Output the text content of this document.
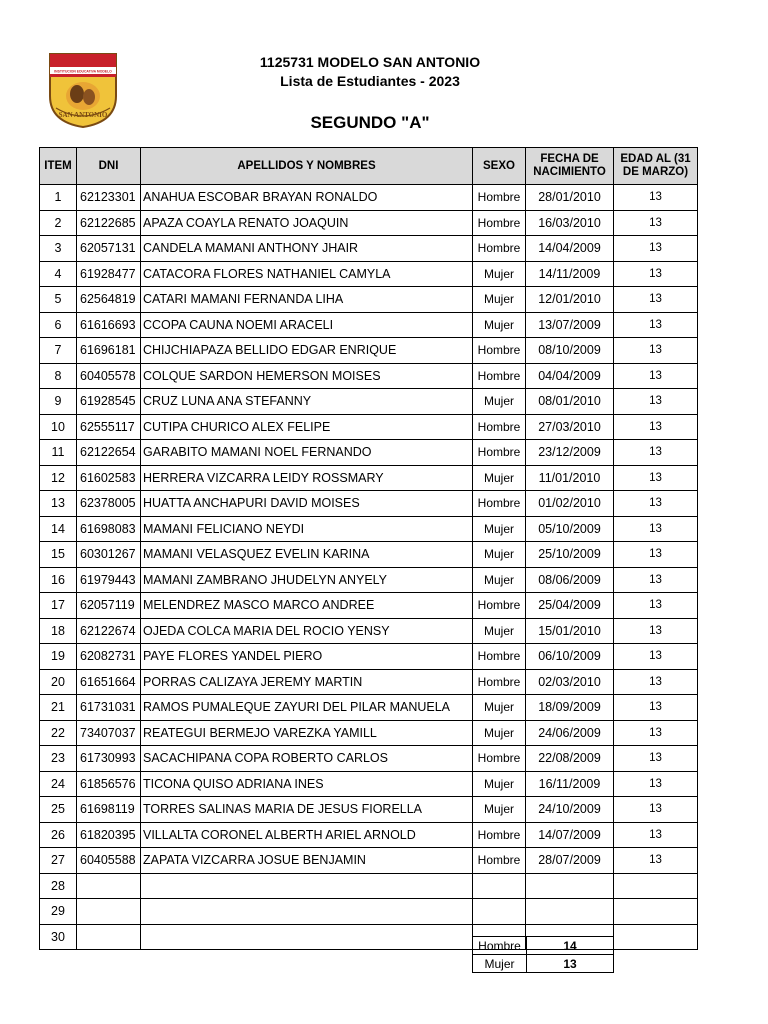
INSTITUCION EDUCATIVA MODELO
SAN ANTONIO
1125731 MODELO SAN ANTONIO
Lista de Estudiantes - 2023
SEGUNDO "A"
ITEM	DNI	APELLIDOS Y NOMBRES	SEXO	FECHA DE
NACIMIENTO	EDAD AL (31
DE MARZO)
1	62123301	ANAHUA ESCOBAR BRAYAN RONALDO	Hombre	28/01/2010	13
2	62122685	APAZA COAYLA RENATO JOAQUIN	Hombre	16/03/2010	13
3	62057131	CANDELA MAMANI ANTHONY JHAIR	Hombre	14/04/2009	13
4	61928477	CATACORA FLORES NATHANIEL CAMYLA	Mujer	14/11/2009	13
5	62564819	CATARI MAMANI FERNANDA LIHA	Mujer	12/01/2010	13
6	61616693	CCOPA CAUNA NOEMI ARACELI	Mujer	13/07/2009	13
7	61696181	CHIJCHIAPAZA BELLIDO EDGAR ENRIQUE	Hombre	08/10/2009	13
8	60405578	COLQUE SARDON HEMERSON MOISES	Hombre	04/04/2009	13
9	61928545	CRUZ LUNA ANA STEFANNY	Mujer	08/01/2010	13
10	62555117	CUTIPA CHURICO ALEX FELIPE	Hombre	27/03/2010	13
11	62122654	GARABITO MAMANI NOEL FERNANDO	Hombre	23/12/2009	13
12	61602583	HERRERA VIZCARRA LEIDY ROSSMARY	Mujer	11/01/2010	13
13	62378005	HUATTA ANCHAPURI DAVID MOISES	Hombre	01/02/2010	13
14	61698083	MAMANI FELICIANO NEYDI	Mujer	05/10/2009	13
15	60301267	MAMANI VELASQUEZ EVELIN KARINA	Mujer	25/10/2009	13
16	61979443	MAMANI ZAMBRANO JHUDELYN ANYELY	Mujer	08/06/2009	13
17	62057119	MELENDREZ MASCO MARCO ANDREE	Hombre	25/04/2009	13
18	62122674	OJEDA COLCA MARIA DEL ROCIO YENSY	Mujer	15/01/2010	13
19	62082731	PAYE FLORES YANDEL PIERO	Hombre	06/10/2009	13
20	61651664	PORRAS CALIZAYA JEREMY MARTIN	Hombre	02/03/2010	13
21	61731031	RAMOS PUMALEQUE ZAYURI DEL PILAR MANUELA	Mujer	18/09/2009	13
22	73407037	REATEGUI BERMEJO VAREZKA YAMILL	Mujer	24/06/2009	13
23	61730993	SACACHIPANA COPA ROBERTO CARLOS	Hombre	22/08/2009	13
24	61856576	TICONA QUISO ADRIANA INES	Mujer	16/11/2009	13
25	61698119	TORRES SALINAS MARIA DE JESUS FIORELLA	Mujer	24/10/2009	13
26	61820395	VILLALTA CORONEL ALBERTH ARIEL ARNOLD	Hombre	14/07/2009	13
27	60405588	ZAPATA VIZCARRA JOSUE BENJAMIN	Hombre	28/07/2009	13
28					
29					
30					
Hombre	14
Mujer	13
